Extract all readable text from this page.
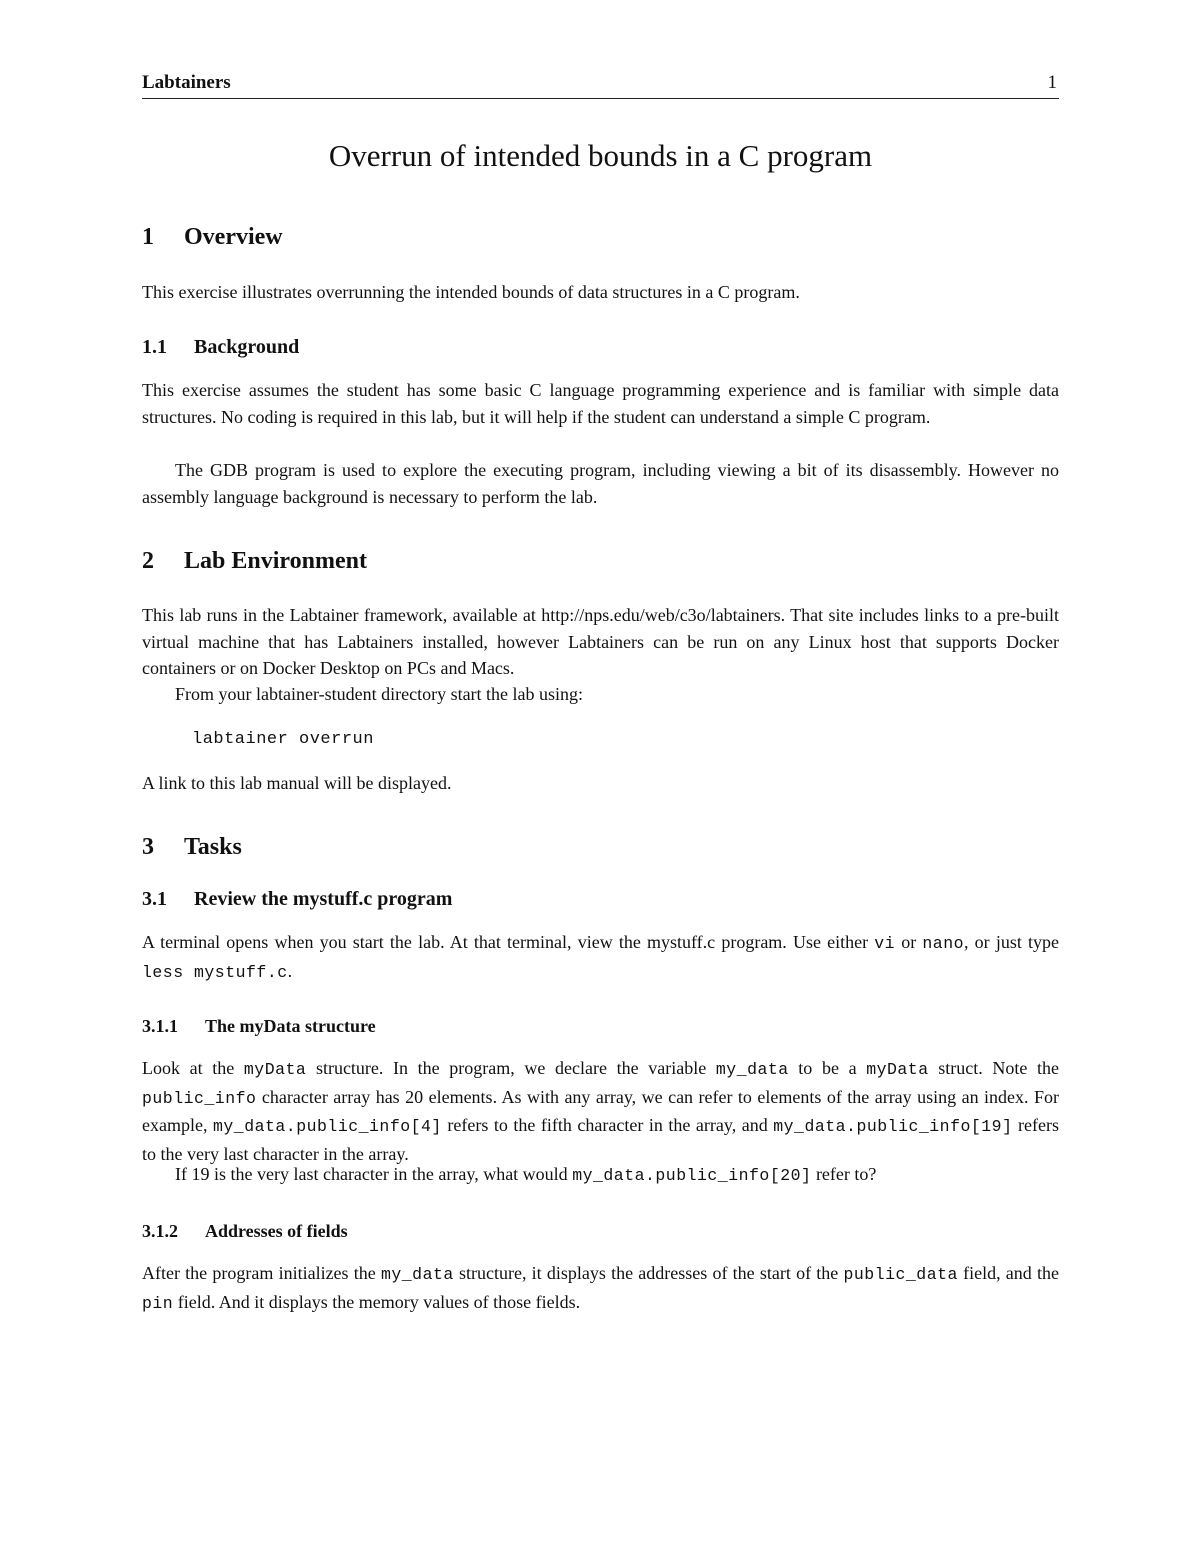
Labtainers	1
Overrun of intended bounds in a C program
1 Overview

This exercise illustrates overrunning the intended bounds of data structures in a C program.

1.1 Background

This exercise assumes the student has some basic C language programming experience and is familiar with simple data structures. No coding is required in this lab, but it will help if the student can understand a simple C program.

The GDB program is used to explore the executing program, including viewing a bit of its disassembly. However no assembly language background is necessary to perform the lab.

2 Lab Environment

This lab runs in the Labtainer framework, available at http://nps.edu/web/c3o/labtainers. That site includes links to a pre-built virtual machine that has Labtainers installed, however Labtainers can be run on any Linux host that supports Docker containers or on Docker Desktop on PCs and Macs.

From your labtainer-student directory start the lab using:

labtainer overrun

A link to this lab manual will be displayed.

3 Tasks
3.1 Review the mystuff.c program

A terminal opens when you start the lab. At that terminal, view the mystuff.c program. Use either vi or nano, or just type less mystuff.c.

3.1.1 The myData structure

Look at the myData structure. In the program, we declare the variable my_data to be a myData struct. Note the public_info character array has 20 elements. As with any array, we can refer to elements of the array using an index. For example, my_data.public_info[4] refers to the fifth character in the array, and my_data.public_info[19] refers to the very last character in the array.

If 19 is the very last character in the array, what would my_data.public_info[20] refer to?

3.1.2 Addresses of fields

After the program initializes the my_data structure, it displays the addresses of the start of the public_data field, and the pin field. And it displays the memory values of those fields.
